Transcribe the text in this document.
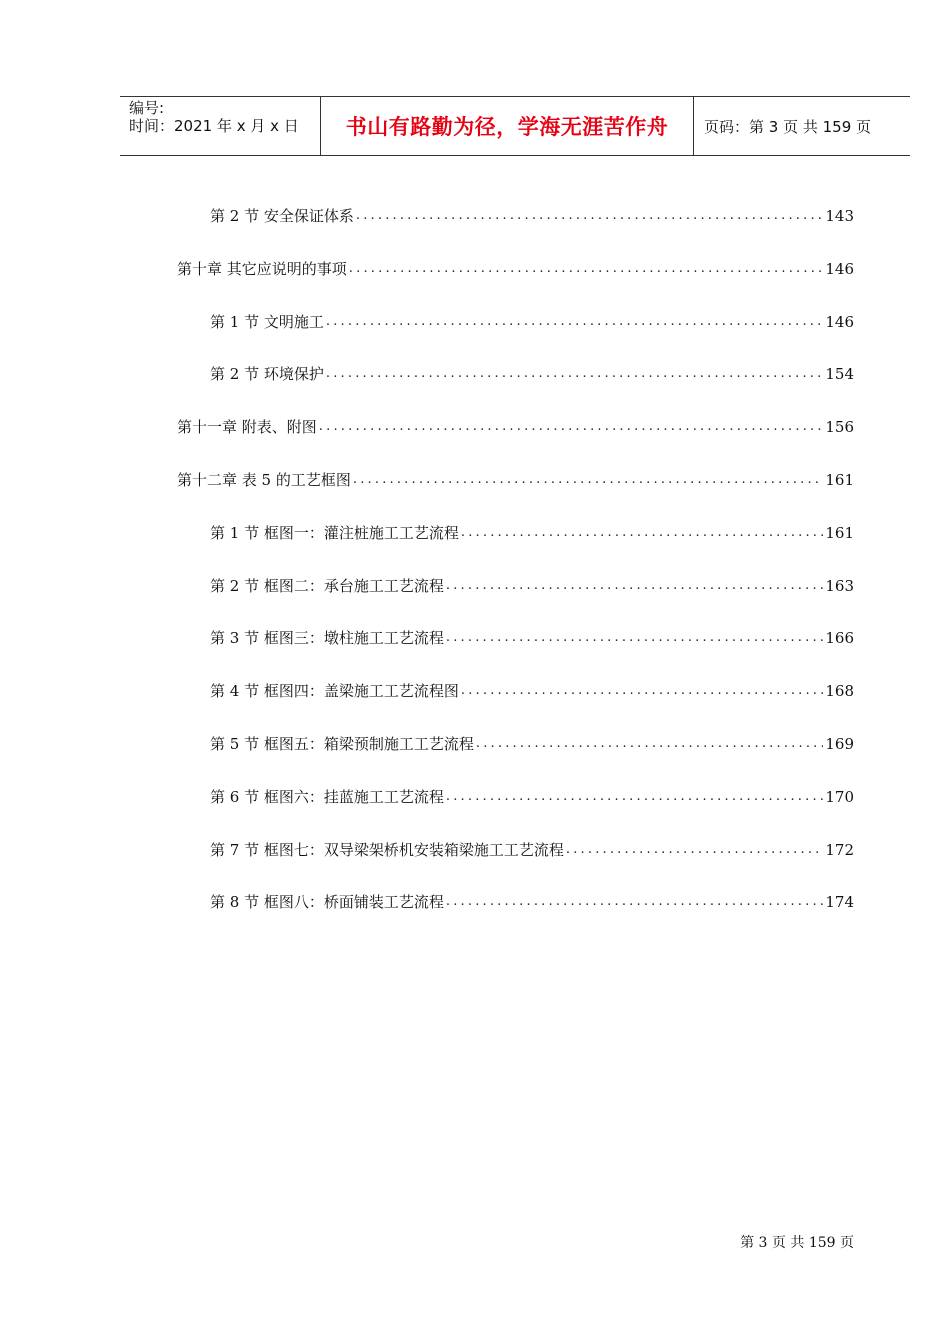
编号:
时间：2021 年 x 月 x 日	书山有路勤为径，学海无涯苦作舟	页码：第 3 页 共 159 页
第 2 节 安全保证体系 .....	143
第十章 其它应说明的事项 .....	146
第 1 节 文明施工 .....	146
第 2 节 环境保护 .....	154
第十一章 附表、附图 .....	156
第十二章 表 5 的工艺框图 .....	161
第 1 节 框图一：灌注桩施工工艺流程 .....	161
第 2 节 框图二：承台施工工艺流程 .....	163
第 3 节 框图三：墩柱施工工艺流程 .....	166
第 4 节 框图四：盖梁施工工艺流程图 .....	168
第 5 节 框图五：箱梁预制施工工艺流程 .....	169
第 6 节 框图六：挂蓝施工工艺流程 .....	170
第 7 节 框图七：双导梁架桥机安装箱梁施工工艺流程 .....	172
第 8 节 框图八：桥面铺装工艺流程 .....	174
第 3 页 共 159 页
